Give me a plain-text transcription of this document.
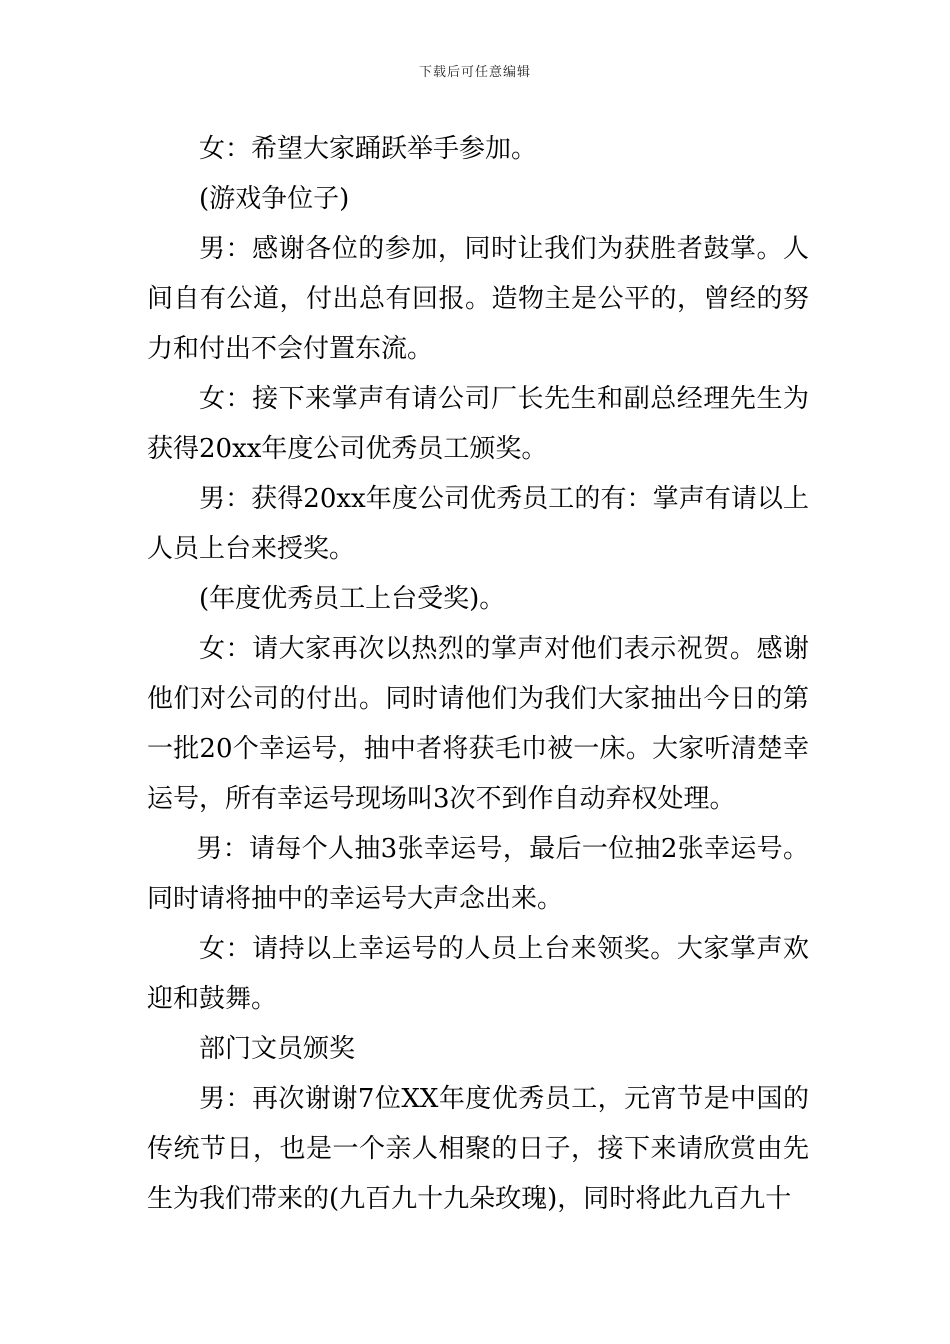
下载后可任意编辑

女：希望大家踊跃举手参加。

(游戏争位子)

男：感谢各位的参加，同时让我们为获胜者鼓掌。人间自有公道，付出总有回报。造物主是公平的，曾经的努力和付出不会付置东流。

女：接下来掌声有请公司厂长先生和副总经理先生为获得20xx年度公司优秀员工颁奖。

男：获得20xx年度公司优秀员工的有：掌声有请以上人员上台来授奖。

(年度优秀员工上台受奖)。

女：请大家再次以热烈的掌声对他们表示祝贺。感谢他们对公司的付出。同时请他们为我们大家抽出今日的第一批20个幸运号，抽中者将获毛巾被一床。大家听清楚幸运号，所有幸运号现场叫3次不到作自动弃权处理。

男：请每个人抽3张幸运号，最后一位抽2张幸运号。同时请将抽中的幸运号大声念出来。

女：请持以上幸运号的人员上台来领奖。大家掌声欢迎和鼓舞。

部门文员颁奖

男：再次谢谢7位XX年度优秀员工，元宵节是中国的传统节日，也是一个亲人相聚的日子，接下来请欣赏由先生为我们带来的(九百九十九朵玫瑰)，同时将此九百九十
